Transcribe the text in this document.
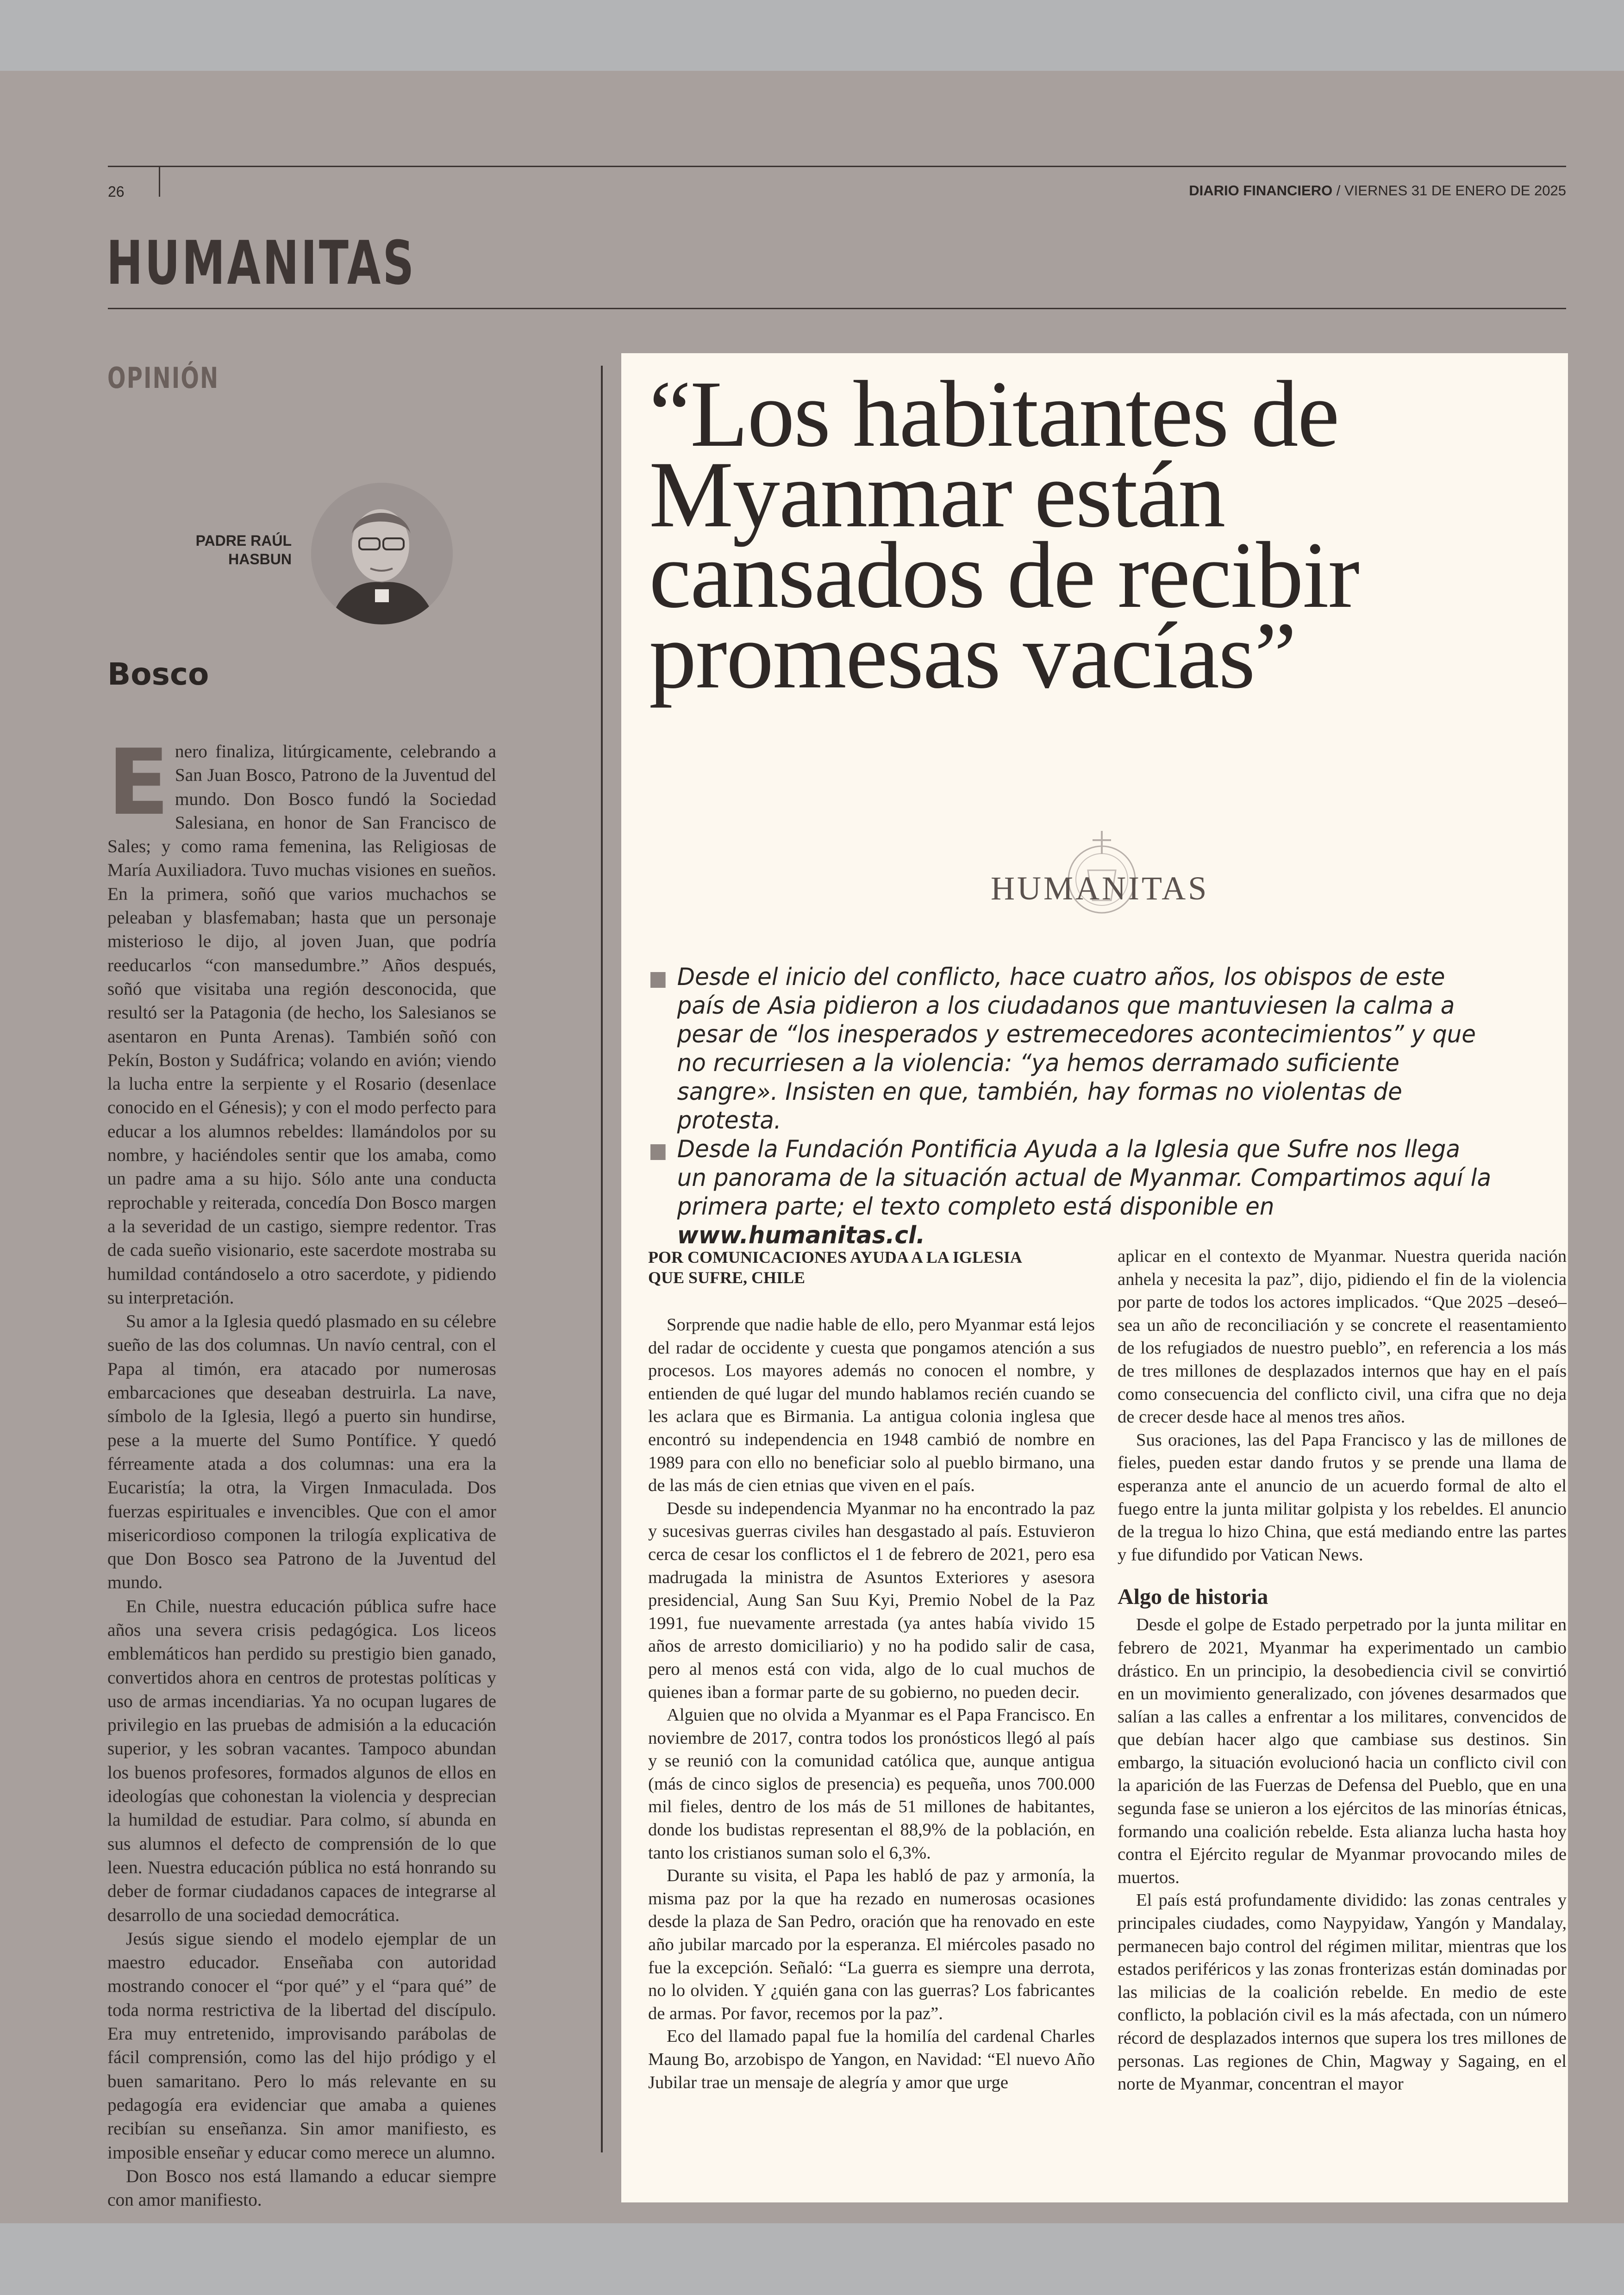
26	DIARIO FINANCIERO / VIERNES 31 DE ENERO DE 2025
HUMANITAS
OPINIÓN
PADRE RAÚL
HASBUN
Bosco

Enero finaliza, litúrgicamente, celebrando a San Juan Bosco, Patrono de la Juventud del mundo. Don Bosco fundó la Sociedad Salesiana, en honor de San Francisco de Sales; y como rama femenina, las Religiosas de María Auxiliadora. Tuvo muchas visiones en sueños. En la primera, soñó que varios muchachos se peleaban y blasfemaban; hasta que un personaje misterioso le dijo, al joven Juan, que podría reeducarlos “con mansedumbre.” Años después, soñó que visitaba una región desconocida, que resultó ser la Patagonia (de hecho, los Salesianos se asentaron en Punta Arenas). También soñó con Pekín, Boston y Sudáfrica; volando en avión; viendo la lucha entre la serpiente y el Rosario (desenlace conocido en el Génesis); y con el modo perfecto para educar a los alumnos rebeldes: llamándolos por su nombre, y haciéndoles sentir que los amaba, como un padre ama a su hijo. Sólo ante una conducta reprochable y reiterada, concedía Don Bosco margen a la severidad de un castigo, siempre redentor. Tras de cada sueño visionario, este sacerdote mostraba su humildad contándoselo a otro sacerdote, y pidiendo su interpretación.

Su amor a la Iglesia quedó plasmado en su célebre sueño de las dos columnas. Un navío central, con el Papa al timón, era atacado por numerosas embarcaciones que deseaban destruirla. La nave, símbolo de la Iglesia, llegó a puerto sin hundirse, pese a la muerte del Sumo Pontífice. Y quedó férreamente atada a dos columnas: una era la Eucaristía; la otra, la Virgen Inmaculada. Dos fuerzas espirituales e invencibles. Que con el amor misericordioso componen la trilogía explicativa de que Don Bosco sea Patrono de la Juventud del mundo.

En Chile, nuestra educación pública sufre hace años una severa crisis pedagógica. Los liceos emblemáticos han perdido su prestigio bien ganado, convertidos ahora en centros de protestas políticas y uso de armas incendiarias. Ya no ocupan lugares de privilegio en las pruebas de admisión a la educación superior, y les sobran vacantes. Tampoco abundan los buenos profesores, formados algunos de ellos en ideologías que cohonestan la violencia y desprecian la humildad de estudiar. Para colmo, sí abunda en sus alumnos el defecto de comprensión de lo que leen. Nuestra educación pública no está honrando su deber de formar ciudadanos capaces de integrarse al desarrollo de una sociedad democrática.

Jesús sigue siendo el modelo ejemplar de un maestro educador. Enseñaba con autoridad mostrando conocer el “por qué” y el “para qué” de toda norma restrictiva de la libertad del discípulo. Era muy entretenido, improvisando parábolas de fácil comprensión, como las del hijo pródigo y el buen samaritano. Pero lo más relevante en su pedagogía era evidenciar que amaba a quienes recibían su enseñanza. Sin amor manifiesto, es imposible enseñar y educar como merece un alumno.

Don Bosco nos está llamando a educar siempre con amor manifiesto.

“Los habitantes de Myanmar están cansados de recibir promesas vacías”
HUMANITAS
Desde el inicio del conflicto, hace cuatro años, los obispos de este país de Asia pidieron a los ciudadanos que mantuviesen la calma a pesar de “los inesperados y estremecedores acontecimientos” y que no recurriesen a la violencia: “ya hemos derramado suficiente sangre». Insisten en que, también, hay formas no violentas de protesta.
Desde la Fundación Pontificia Ayuda a la Iglesia que Sufre nos llega un panorama de la situación actual de Myanmar. Compartimos aquí la primera parte; el texto completo está disponible en www.humanitas.cl.
POR COMUNICACIONES AYUDA A LA IGLESIA
QUE SUFRE, CHILE

Sorprende que nadie hable de ello, pero Myanmar está lejos del radar de occidente y cuesta que pongamos atención a sus procesos. Los mayores además no conocen el nombre, y entienden de qué lugar del mundo hablamos recién cuando se les aclara que es Birmania. La antigua colonia inglesa que encontró su independencia en 1948 cambió de nombre en 1989 para con ello no beneficiar solo al pueblo birmano, una de las más de cien etnias que viven en el país.

Desde su independencia Myanmar no ha encontrado la paz y sucesivas guerras civiles han desgastado al país. Estuvieron cerca de cesar los conflictos el 1 de febrero de 2021, pero esa madrugada la ministra de Asuntos Exteriores y asesora presidencial, Aung San Suu Kyi, Premio Nobel de la Paz 1991, fue nuevamente arrestada (ya antes había vivido 15 años de arresto domiciliario) y no ha podido salir de casa, pero al menos está con vida, algo de lo cual muchos de quienes iban a formar parte de su gobierno, no pueden decir.

Alguien que no olvida a Myanmar es el Papa Francisco. En noviembre de 2017, contra todos los pronósticos llegó al país y se reunió con la comunidad católica que, aunque antigua (más de cinco siglos de presencia) es pequeña, unos 700.000 mil fieles, dentro de los más de 51 millones de habitantes, donde los budistas representan el 88,9% de la población, en tanto los cristianos suman solo el 6,3%.

Durante su visita, el Papa les habló de paz y armonía, la misma paz por la que ha rezado en numerosas ocasiones desde la plaza de San Pedro, oración que ha renovado en este año jubilar marcado por la esperanza. El miércoles pasado no fue la excepción. Señaló: “La guerra es siempre una derrota, no lo olviden. Y ¿quién gana con las guerras? Los fabricantes de armas. Por favor, recemos por la paz”.

Eco del llamado papal fue la homilía del cardenal Charles Maung Bo, arzobispo de Yangon, en Navidad: “El nuevo Año Jubilar trae un mensaje de alegría y amor que urge

aplicar en el contexto de Myanmar. Nuestra querida nación anhela y necesita la paz”, dijo, pidiendo el fin de la violencia por parte de todos los actores implicados. “Que 2025 –deseó– sea un año de reconciliación y se concrete el reasentamiento de los refugiados de nuestro pueblo”, en referencia a los más de tres millones de desplazados internos que hay en el país como consecuencia del conflicto civil, una cifra que no deja de crecer desde hace al menos tres años.

Sus oraciones, las del Papa Francisco y las de millones de fieles, pueden estar dando frutos y se prende una llama de esperanza ante el anuncio de un acuerdo formal de alto el fuego entre la junta militar golpista y los rebeldes. El anuncio de la tregua lo hizo China, que está mediando entre las partes y fue difundido por Vatican News.

Algo de historia

Desde el golpe de Estado perpetrado por la junta militar en febrero de 2021, Myanmar ha experimentado un cambio drástico. En un principio, la desobediencia civil se convirtió en un movimiento generalizado, con jóvenes desarmados que salían a las calles a enfrentar a los militares, convencidos de que debían hacer algo que cambiase sus destinos. Sin embargo, la situación evolucionó hacia un conflicto civil con la aparición de las Fuerzas de Defensa del Pueblo, que en una segunda fase se unieron a los ejércitos de las minorías étnicas, formando una coalición rebelde. Esta alianza lucha hasta hoy contra el Ejército regular de Myanmar provocando miles de muertos.

El país está profundamente dividido: las zonas centrales y principales ciudades, como Naypyidaw, Yangón y Mandalay, permanecen bajo control del régimen militar, mientras que los estados periféricos y las zonas fronterizas están dominadas por las milicias de la coalición rebelde. En medio de este conflicto, la población civil es la más afectada, con un número récord de desplazados internos que supera los tres millones de personas. Las regiones de Chin, Magway y Sagaing, en el norte de Myanmar, concentran el mayor
